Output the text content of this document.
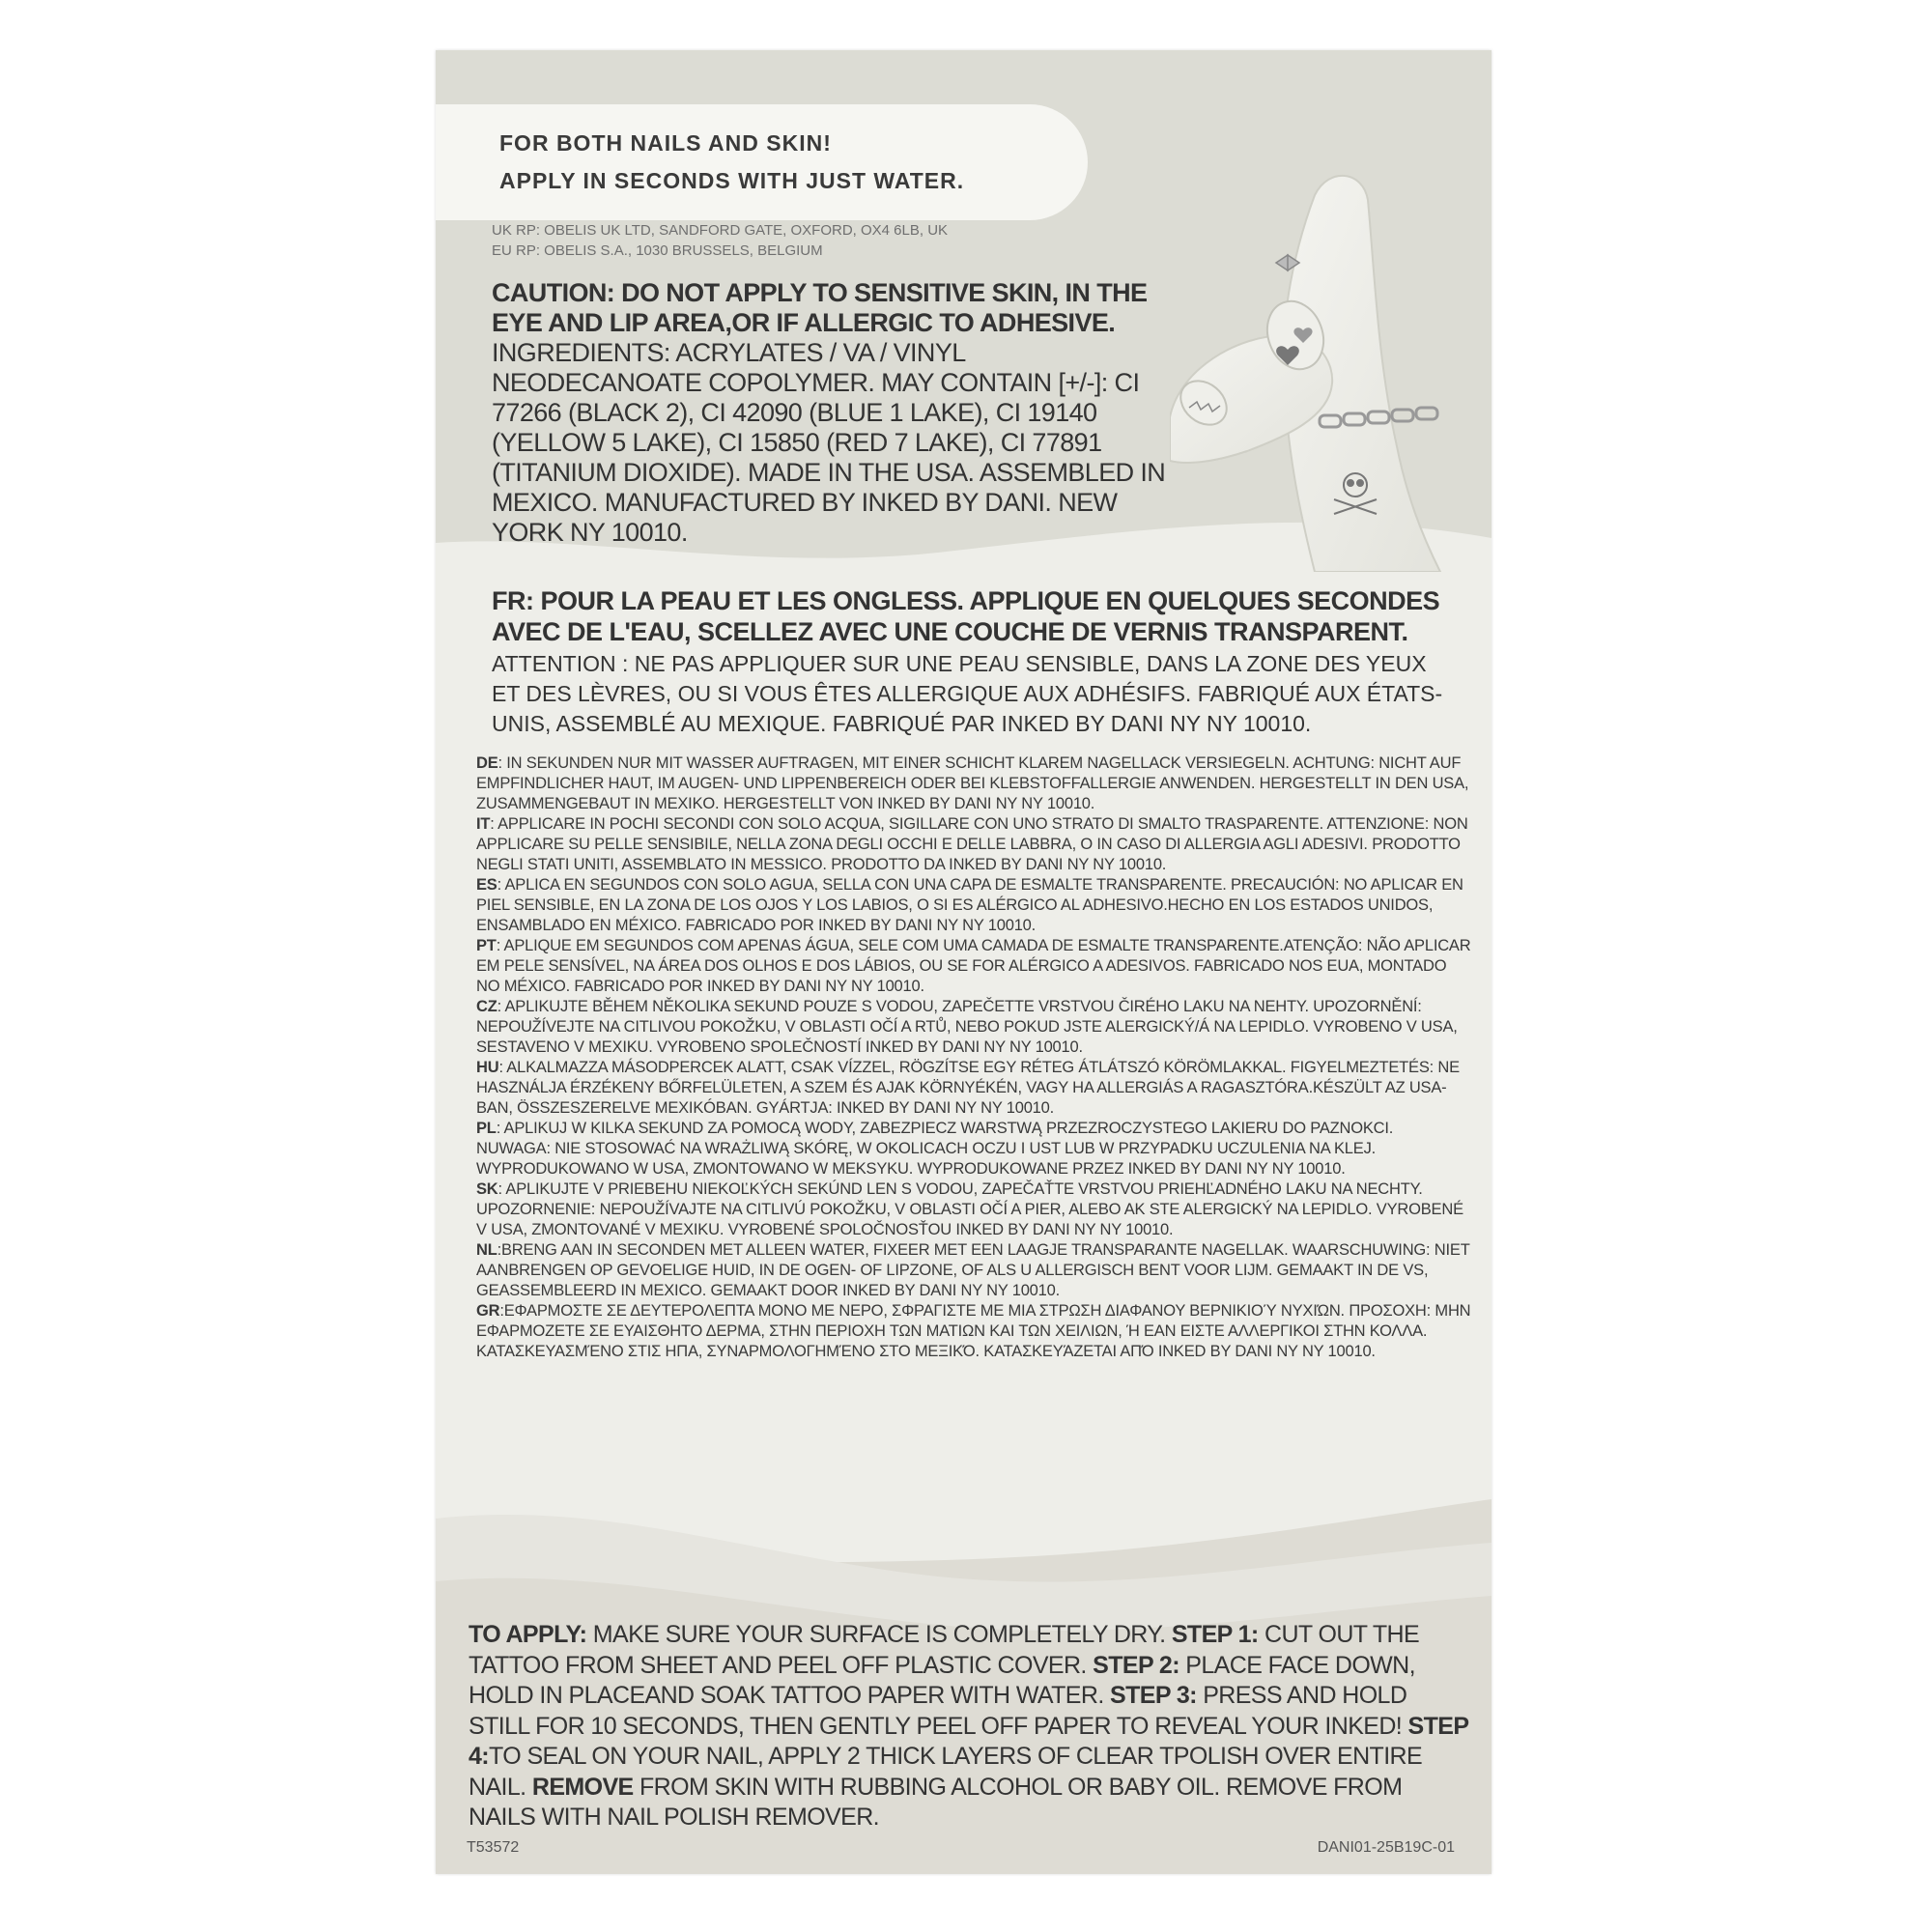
FOR BOTH NAILS AND SKIN!
APPLY IN SECONDS WITH JUST WATER.
UK RP: OBELIS UK LTD, SANDFORD GATE, OXFORD, OX4 6LB, UK
EU RP: OBELIS S.A., 1030 BRUSSELS, BELGIUM
CAUTION: DO NOT APPLY TO SENSITIVE SKIN, IN THE EYE AND LIP AREA,OR IF ALLERGIC TO ADHESIVE. INGREDIENTS: ACRYLATES / VA / VINYL NEODECANOATE COPOLYMER. MAY CONTAIN [+/-]: CI 77266 (BLACK 2), CI 42090 (BLUE 1 LAKE), CI 19140 (YELLOW 5 LAKE), CI 15850 (RED 7 LAKE), CI 77891 (TITANIUM DIOXIDE). MADE IN THE USA. ASSEMBLED IN MEXICO. MANUFACTURED BY INKED BY DANI. NEW YORK NY 10010.
FR: POUR LA PEAU ET LES ONGLESS. APPLIQUE EN QUELQUES SECONDES AVEC DE L'EAU, SCELLEZ AVEC UNE COUCHE DE VERNIS TRANSPARENT.
ATTENTION : NE PAS APPLIQUER SUR UNE PEAU SENSIBLE, DANS LA ZONE DES YEUX ET DES LÈVRES, OU SI VOUS ÊTES ALLERGIQUE AUX ADHÉSIFS. FABRIQUÉ AUX ÉTATS-UNIS, ASSEMBLÉ AU MEXIQUE. FABRIQUÉ PAR INKED BY DANI NY NY 10010.

DE: IN SEKUNDEN NUR MIT WASSER AUFTRAGEN, MIT EINER SCHICHT KLAREM NAGELLACK VERSIEGELN. ACHTUNG: NICHT AUF EMPFINDLICHER HAUT, IM AUGEN- UND LIPPENBEREICH ODER BEI KLEBSTOFFALLERGIE ANWENDEN. HERGESTELLT IN DEN USA, ZUSAMMENGEBAUT IN MEXIKO. HERGESTELLT VON INKED BY DANI NY NY 10010.

IT: APPLICARE IN POCHI SECONDI CON SOLO ACQUA, SIGILLARE CON UNO STRATO DI SMALTO TRASPARENTE. ATTENZIONE: NON APPLICARE SU PELLE SENSIBILE, NELLA ZONA DEGLI OCCHI E DELLE LABBRA, O IN CASO DI ALLERGIA AGLI ADESIVI. PRODOTTO NEGLI STATI UNITI, ASSEMBLATO IN MESSICO. PRODOTTO DA INKED BY DANI NY NY 10010.

ES: APLICA EN SEGUNDOS CON SOLO AGUA, SELLA CON UNA CAPA DE ESMALTE TRANSPARENTE. PRECAUCIÓN: NO APLICAR EN PIEL SENSIBLE, EN LA ZONA DE LOS OJOS Y LOS LABIOS, O SI ES ALÉRGICO AL ADHESIVO.HECHO EN LOS ESTADOS UNIDOS, ENSAMBLADO EN MÉXICO. FABRICADO POR INKED BY DANI NY NY 10010.

PT: APLIQUE EM SEGUNDOS COM APENAS ÁGUA, SELE COM UMA CAMADA DE ESMALTE TRANSPARENTE.ATENÇÃO: NÃO APLICAR EM PELE SENSÍVEL, NA ÁREA DOS OLHOS E DOS LÁBIOS, OU SE FOR ALÉRGICO A ADESIVOS. FABRICADO NOS EUA, MONTADO NO MÉXICO. FABRICADO POR INKED BY DANI NY NY 10010.

CZ: APLIKUJTE BĚHEM NĚKOLIKA SEKUND POUZE S VODOU, ZAPEČETTE VRSTVOU ČIRÉHO LAKU NA NEHTY. UPOZORNĚNÍ: NEPOUŽÍVEJTE NA CITLIVOU POKOŽKU, V OBLASTI OČÍ A RTŮ, NEBO POKUD JSTE ALERGICKÝ/Á NA LEPIDLO. VYROBENO V USA, SESTAVENO V MEXIKU. VYROBENO SPOLEČNOSTÍ INKED BY DANI NY NY 10010.

HU: ALKALMAZZA MÁSODPERCEK ALATT, CSAK VÍZZEL, RÖGZÍTSE EGY RÉTEG ÁTLÁTSZÓ KÖRÖMLAKKAL. FIGYELMEZTETÉS: NE HASZNÁLJA ÉRZÉKENY BŐRFELÜLETEN, A SZEM ÉS AJAK KÖRNYÉKÉN, VAGY HA ALLERGIÁS A RAGASZTÓRA.KÉSZÜLT AZ USA-BAN, ÖSSZESZERELVE MEXIKÓBAN. GYÁRTJA: INKED BY DANI NY NY 10010.

PL: APLIKUJ W KILKA SEKUND ZA POMOCĄ WODY, ZABEZPIECZ WARSTWĄ PRZEZROCZYSTEGO LAKIERU DO PAZNOKCI. NUWAGA: NIE STOSOWAĆ NA WRAŻLIWĄ SKÓRĘ, W OKOLICACH OCZU I UST LUB W PRZYPADKU UCZULENIA NA KLEJ. WYPRODUKOWANO W USA, ZMONTOWANO W MEKSYKU. WYPRODUKOWANE PRZEZ INKED BY DANI NY NY 10010.

SK: APLIKUJTE V PRIEBEHU NIEKOĽKÝCH SEKÚND LEN S VODOU, ZAPEČAŤTE VRSTVOU PRIEHĽADNÉHO LAKU NA NECHTY. UPOZORNENIE: NEPOUŽÍVAJTE NA CITLIVÚ POKOŽKU, V OBLASTI OČÍ A PIER, ALEBO AK STE ALERGICKÝ NA LEPIDLO. VYROBENÉ V USA, ZMONTOVANÉ V MEXIKU. VYROBENÉ SPOLOČNOSŤOU INKED BY DANI NY NY 10010.

NL:BRENG AAN IN SECONDEN MET ALLEEN WATER, FIXEER MET EEN LAAGJE TRANSPARANTE NAGELLAK. WAARSCHUWING: NIET AANBRENGEN OP GEVOELIGE HUID, IN DE OGEN- OF LIPZONE, OF ALS U ALLERGISCH BENT VOOR LIJM. GEMAAKT IN DE VS, GEASSEMBLEERD IN MEXICO. GEMAAKT DOOR INKED BY DANI NY NY 10010.

GR:ΕΦΑΡΜΟΣΤΕ ΣΕ ΔΕΥΤΕΡΟΛΕΠΤΑ ΜΟΝΟ ΜΕ ΝΕΡΟ, ΣΦΡΑΓΙΣΤΕ ΜΕ ΜΙΑ ΣΤΡΩΣΗ ΔΙΑΦΑΝΟΥ ΒΕΡΝΙΚΙΟΎ ΝΥΧΙΏΝ. ΠΡΟΣΟΧΗ: ΜΗΝ ΕΦΑΡΜΟΖΕΤΕ ΣΕ ΕΥΑΙΣΘΗΤΟ ΔΕΡΜΑ, ΣΤΗΝ ΠΕΡΙΟΧΗ ΤΩΝ ΜΑΤΙΩΝ ΚΑΙ ΤΩΝ ΧΕΙΛΙΩΝ, Ή ΕΑΝ ΕΙΣΤΕ ΑΛΛΕΡΓΙΚΟΙ ΣΤΗΝ ΚΟΛΛΑ. ΚΑΤΑΣΚΕΥΑΣΜΈΝΟ ΣΤΙΣ ΗΠΑ, ΣΥΝΑΡΜΟΛΟΓΗΜΈΝΟ ΣΤΟ ΜΕΞΙΚΌ. ΚΑΤΑΣΚΕΥΆΖΕΤΑΙ ΑΠΌ INKED BY DANI NY NY 10010.

TO APPLY: MAKE SURE YOUR SURFACE IS COMPLETELY DRY. STEP 1: CUT OUT THE TATTOO FROM SHEET AND PEEL OFF PLASTIC COVER. STEP 2: PLACE FACE DOWN, HOLD IN PLACEAND SOAK TATTOO PAPER WITH WATER. STEP 3: PRESS AND HOLD STILL FOR 10 SECONDS, THEN GENTLY PEEL OFF PAPER TO REVEAL YOUR INKED! STEP 4:TO SEAL ON YOUR NAIL, APPLY 2 THICK LAYERS OF CLEAR TPOLISH OVER ENTIRE NAIL. REMOVE FROM SKIN WITH RUBBING ALCOHOL OR BABY OIL. REMOVE FROM NAILS WITH NAIL POLISH REMOVER.
T53572	DANI01-25B19C-01
